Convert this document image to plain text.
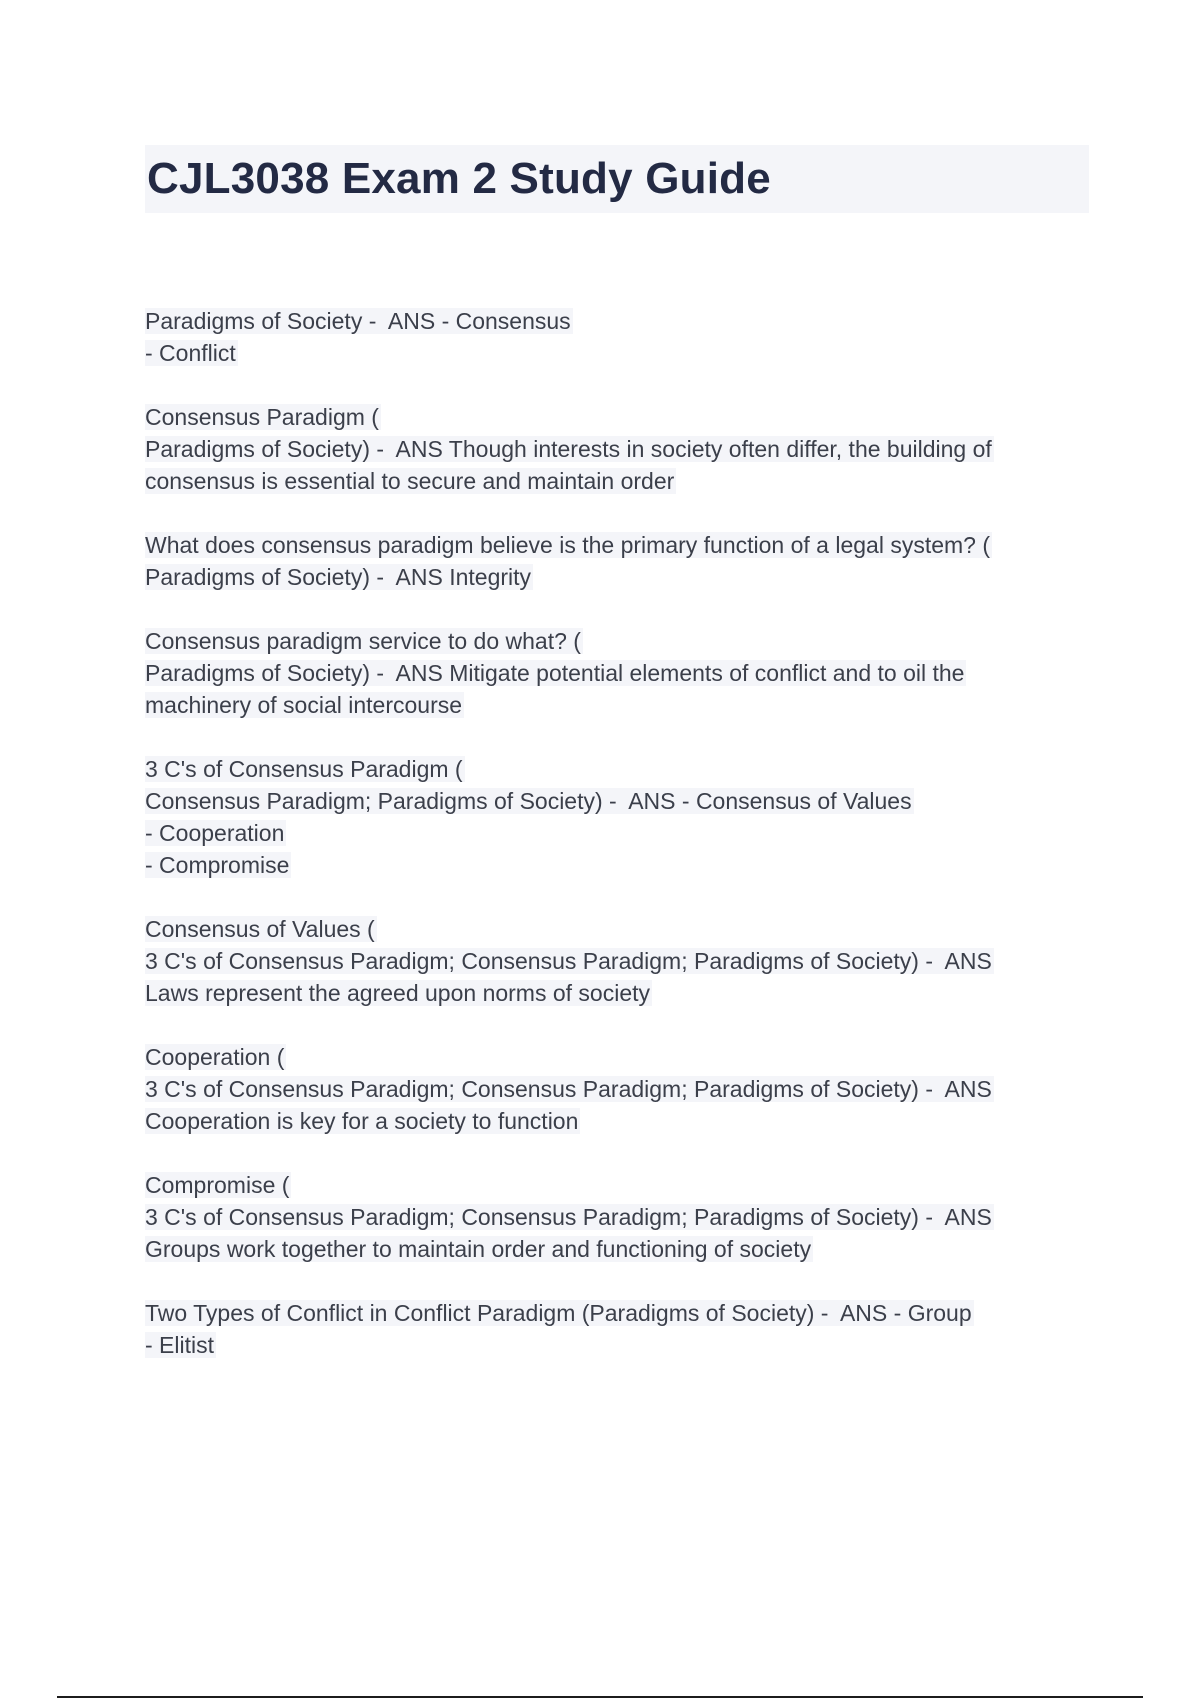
CJL3038 Exam 2 Study Guide
Paradigms of Society -  ANS - Consensus
- Conflict
Consensus Paradigm (
Paradigms of Society) -  ANS Though interests in society often differ, the building of
consensus is essential to secure and maintain order
What does consensus paradigm believe is the primary function of a legal system? (
Paradigms of Society) -  ANS Integrity
Consensus paradigm service to do what? (
Paradigms of Society) -  ANS Mitigate potential elements of conflict and to oil the
machinery of social intercourse
3 C's of Consensus Paradigm (
Consensus Paradigm; Paradigms of Society) -  ANS - Consensus of Values
- Cooperation
- Compromise
Consensus of Values (
3 C's of Consensus Paradigm; Consensus Paradigm; Paradigms of Society) -  ANS
Laws represent the agreed upon norms of society
Cooperation (
3 C's of Consensus Paradigm; Consensus Paradigm; Paradigms of Society) -  ANS
Cooperation is key for a society to function
Compromise (
3 C's of Consensus Paradigm; Consensus Paradigm; Paradigms of Society) -  ANS
Groups work together to maintain order and functioning of society
Two Types of Conflict in Conflict Paradigm (Paradigms of Society) -  ANS - Group
- Elitist
